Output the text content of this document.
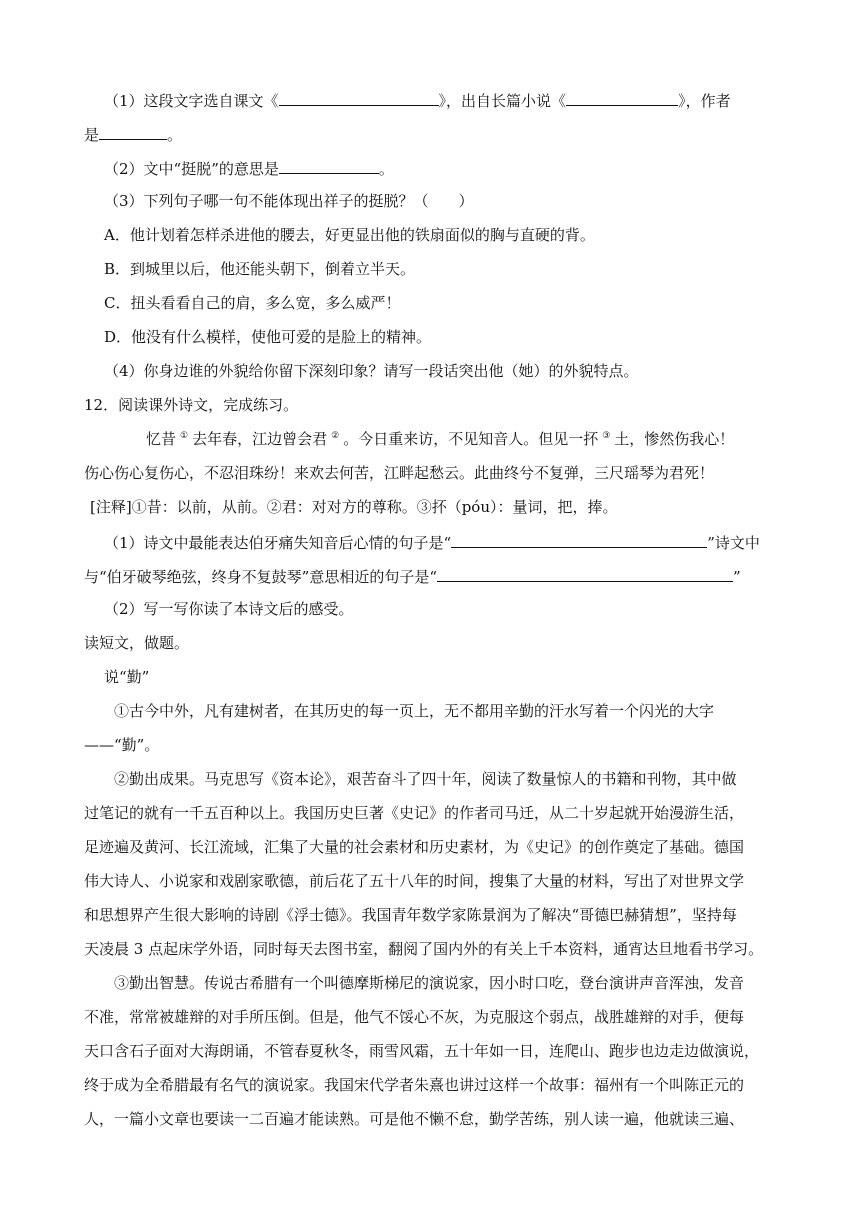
（1）这段文字选自课文《	》，出自长篇小说《	》，作者
是	。
（2）文中“挺脱”的意思是	。
（3）下列句子哪一句不能体现出祥子的挺脱？（　　）
A．他计划着怎样杀进他的腰去，好更显出他的铁扇面似的胸与直硬的背。
B．到城里以后，他还能头朝下，倒着立半天。
C．扭头看看自己的肩，多么宽，多么威严！
D．他没有什么模样，使他可爱的是脸上的精神。
（4）你身边谁的外貌给你留下深刻印象？请写一段话突出他（她）的外貌特点。
12．阅读课外诗文，完成练习。
忆昔 ① 去年春，江边曾会君 ② 。今日重来访，不见知音人。但见一抔 ③ 土，惨然伤我心！
伤心伤心复伤心，不忍泪珠纷！来欢去何苦，江畔起愁云。此曲终兮不复弹，三尺瑶琴为君死！
[注释]①昔：以前，从前。②君：对对方的尊称。③抔（póu）：量词，把，捧。
（1）诗文中最能表达伯牙痛失知音后心情的句子是“	”诗文中
与“伯牙破琴绝弦，终身不复鼓琴”意思相近的句子是“	”
（2）写一写你读了本诗文后的感受。
读短文，做题。
说“勤”
①古今中外，凡有建树者，在其历史的每一页上，无不都用辛勤的汗水写着一个闪光的大字
——“勤”。
②勤出成果。马克思写《资本论》，艰苦奋斗了四十年，阅读了数量惊人的书籍和刊物，其中做
过笔记的就有一千五百种以上。我国历史巨著《史记》的作者司马迁，从二十岁起就开始漫游生活，
足迹遍及黄河、长江流域，汇集了大量的社会素材和历史素材，为《史记》的创作奠定了基础。德国
伟大诗人、小说家和戏剧家歌德，前后花了五十八年的时间，搜集了大量的材料，写出了对世界文学
和思想界产生很大影响的诗剧《浮士德》。我国青年数学家陈景润为了解决“哥德巴赫猜想”，坚持每
天凌晨 3 点起床学外语，同时每天去图书室，翻阅了国内外的有关上千本资料，通宵达旦地看书学习。
③勤出智慧。传说古希腊有一个叫德摩斯梯尼的演说家，因小时口吃，登台演讲声音浑浊，发音
不准，常常被雄辩的对手所压倒。但是，他气不馁心不灰，为克服这个弱点，战胜雄辩的对手，便每
天口含石子面对大海朗诵，不管春夏秋冬，雨雪风霜，五十年如一日，连爬山、跑步也边走边做演说，
终于成为全希腊最有名气的演说家。我国宋代学者朱熹也讲过这样一个故事：福州有一个叫陈正元的
人，一篇小文章也要读一二百遍才能读熟。可是他不懒不怠，勤学苦练，别人读一遍，他就读三遍、
